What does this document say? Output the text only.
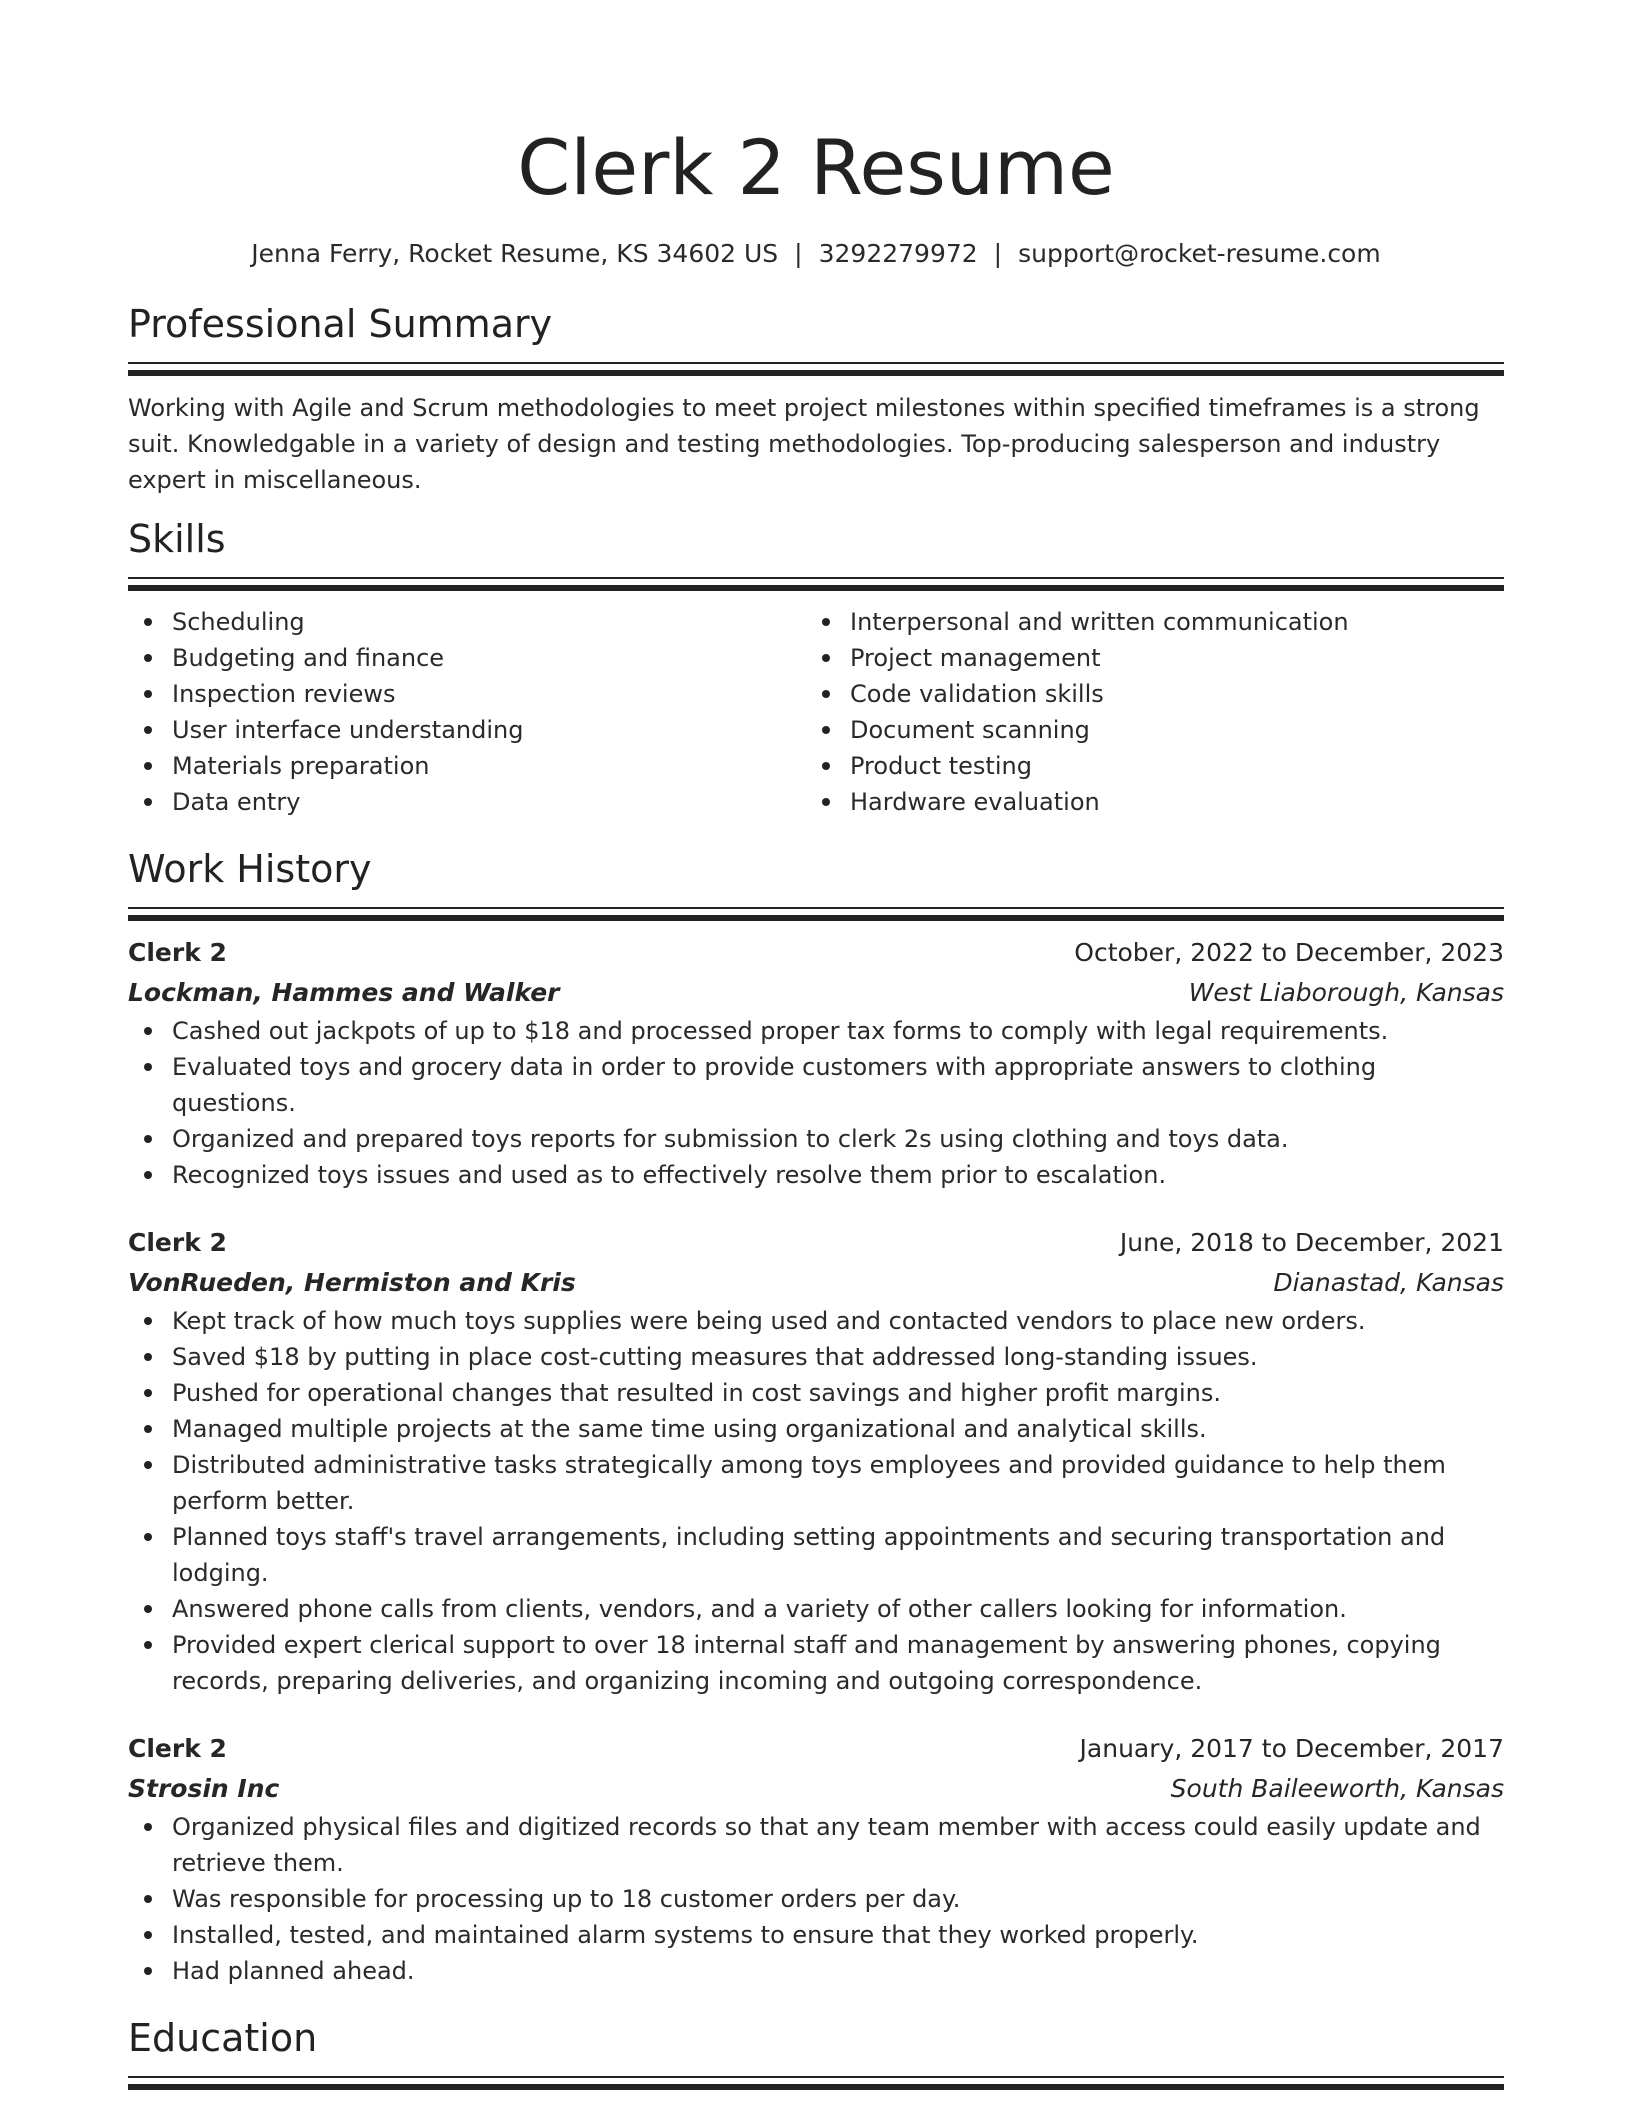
Clerk 2 Resume
Jenna Ferry, Rocket Resume, KS 34602 US | 3292279972 | support@rocket-resume.com
Professional Summary

Working with Agile and Scrum methodologies to meet project milestones within specified timeframes is a strong suit. Knowledgable in a variety of design and testing methodologies. Top-producing salesperson and industry expert in miscellaneous.

Skills
Scheduling
Budgeting and finance
Inspection reviews
User interface understanding
Materials preparation
Data entry
Interpersonal and written communication
Project management
Code validation skills
Document scanning
Product testing
Hardware evaluation
Work History
Clerk 2	October, 2022 to December, 2023
Lockman, Hammes and Walker	West Liaborough, Kansas
Cashed out jackpots of up to $18 and processed proper tax forms to comply with legal requirements.
Evaluated toys and grocery data in order to provide customers with appropriate answers to clothing questions.
Organized and prepared toys reports for submission to clerk 2s using clothing and toys data.
Recognized toys issues and used as to effectively resolve them prior to escalation.
Clerk 2	June, 2018 to December, 2021
VonRueden, Hermiston and Kris	Dianastad, Kansas
Kept track of how much toys supplies were being used and contacted vendors to place new orders.
Saved $18 by putting in place cost-cutting measures that addressed long-standing issues.
Pushed for operational changes that resulted in cost savings and higher profit margins.
Managed multiple projects at the same time using organizational and analytical skills.
Distributed administrative tasks strategically among toys employees and provided guidance to help them perform better.
Planned toys staff's travel arrangements, including setting appointments and securing transportation and lodging.
Answered phone calls from clients, vendors, and a variety of other callers looking for information.
Provided expert clerical support to over 18 internal staff and management by answering phones, copying records, preparing deliveries, and organizing incoming and outgoing correspondence.
Clerk 2	January, 2017 to December, 2017
Strosin Inc	South Baileeworth, Kansas
Organized physical files and digitized records so that any team member with access could easily update and retrieve them.
Was responsible for processing up to 18 customer orders per day.
Installed, tested, and maintained alarm systems to ensure that they worked properly.
Had planned ahead.
Education
